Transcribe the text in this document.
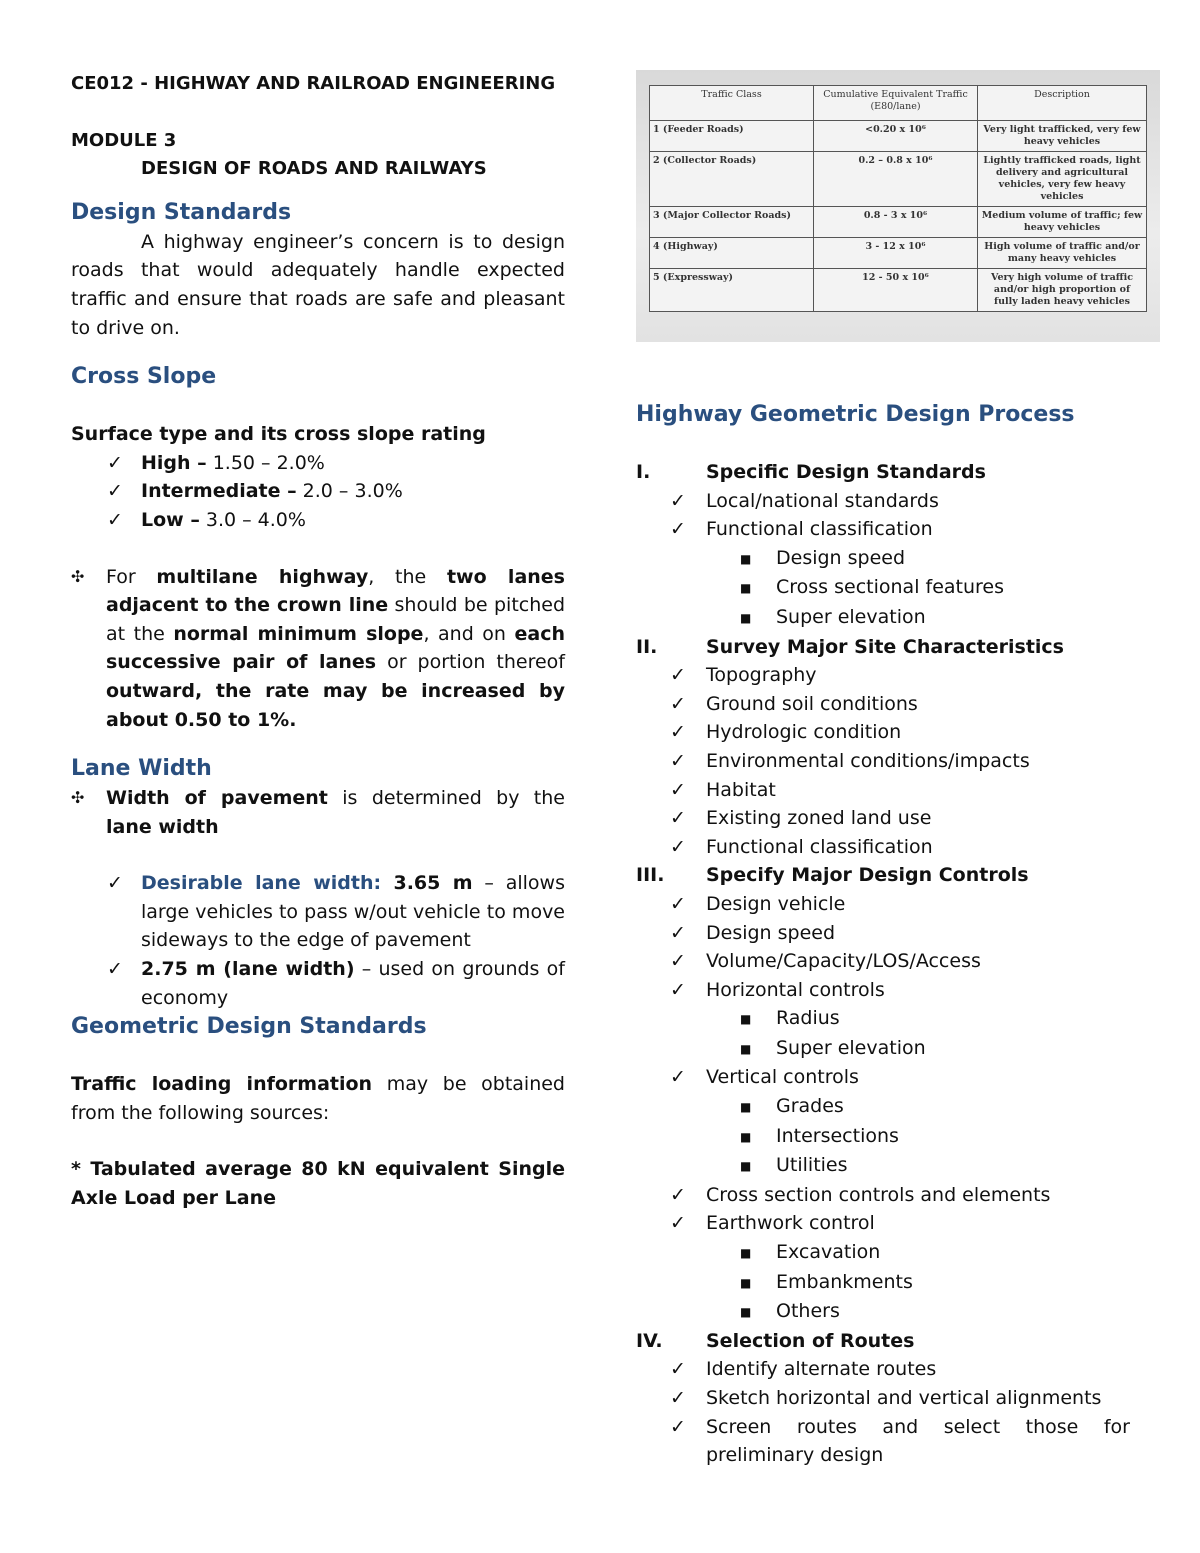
CE012 - HIGHWAY AND RAILROAD ENGINEERING
MODULE 3
DESIGN OF ROADS AND RAILWAYS
Design Standards
A highway engineer’s concern is to design roads that would adequately handle expected traffic and ensure that roads are safe and pleasant to drive on.
Cross Slope
Surface type and its cross slope rating
✓ High – 1.50 – 2.0%
✓ Intermediate – 2.0 – 3.0%
✓ Low – 3.0 – 4.0%
✣	For multilane highway, the two lanes adjacent to the crown line should be pitched at the normal minimum slope, and on each successive pair of lanes or portion thereof outward, the rate may be increased by about 0.50 to 1%.
Lane Width
✣	Width of pavement is determined by the lane width
✓ Desirable lane width: 3.65 m – allows large vehicles to pass w/out vehicle to move sideways to the edge of pavement
✓ 2.75 m (lane width) – used on grounds of economy
Geometric Design Standards
Traffic loading information may be obtained from the following sources:
* Tabulated average 80 kN equivalent Single Axle Load per Lane
Traffic Class	Cumulative Equivalent Traffic (E80/lane)	Description
1 (Feeder Roads)	<0.20 x 10⁶	Very light trafficked, very few heavy vehicles
2 (Collector Roads)	0.2 – 0.8 x 10⁶	Lightly trafficked roads, light delivery and agricultural vehicles, very few heavy vehicles
3 (Major Collector Roads)	0.8 - 3 x 10⁶	Medium volume of traffic; few heavy vehicles
4 (Highway)	3 - 12 x 10⁶	High volume of traffic and/or many heavy vehicles
5 (Expressway)	12 - 50 x 10⁶	Very high volume of traffic and/or high proportion of fully laden heavy vehicles
Highway Geometric Design Process
I.	Specific Design Standards
✓	Local/national standards
✓	Functional classification
■	Design speed
■	Cross sectional features
■	Super elevation
II.	Survey Major Site Characteristics
✓	Topography
✓	Ground soil conditions
✓	Hydrologic condition
✓	Environmental conditions/impacts
✓	Habitat
✓	Existing zoned land use
✓	Functional classification
III.	Specify Major Design Controls
✓	Design vehicle
✓	Design speed
✓	Volume/Capacity/LOS/Access
✓	Horizontal controls
■	Radius
■	Super elevation
✓	Vertical controls
■	Grades
■	Intersections
■	Utilities
✓	Cross section controls and elements
✓	Earthwork control
■	Excavation
■	Embankments
■	Others
IV.	Selection of Routes
✓	Identify alternate routes
✓	Sketch horizontal and vertical alignments
✓	Screen routes and select those for preliminary design
